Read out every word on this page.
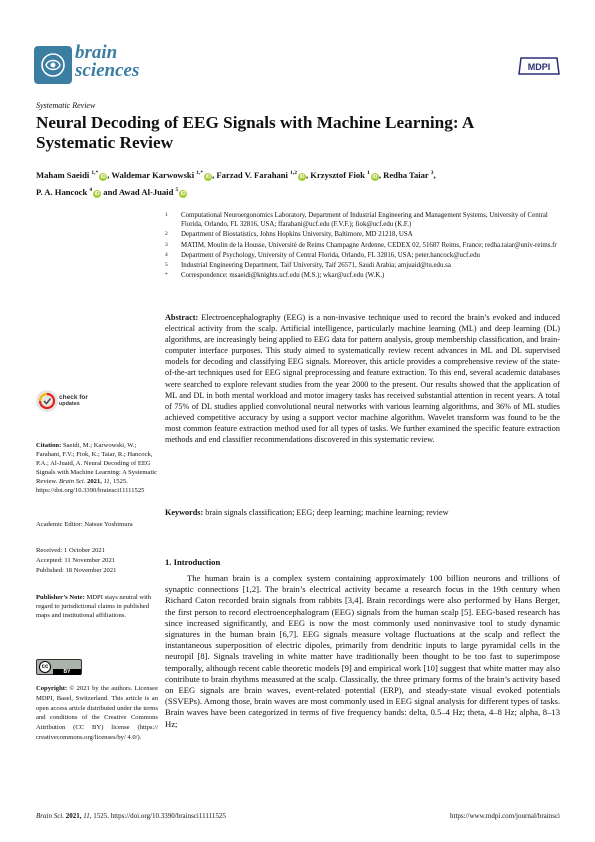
brain
sciences	MDPI
Systematic Review
Neural Decoding of EEG Signals with Machine Learning: A Systematic Review
Maham Saeidi $^{1,*}$iD , Waldemar Karwowski $^{1,*}$iD , Farzad V. Farahani $^{1,2}$iD , Krzysztof Fiok $^1$iD , Redha Taiar $^3$,
P. A. Hancock $^4$iD and Awad Al-Juaid $^5$iD
1 Computational Neuroergonomics Laboratory, Department of Industrial Engineering and Management Systems, University of Central Florida, Orlando, FL 32816, USA; ffarahani@ucf.edu (F.V.F.); fiok@ucf.edu (K.F.)
2 Department of Biostatistics, Johns Hopkins University, Baltimore, MD 21218, USA
3 MATIM, Moulin de la Housse, Université de Reims Champagne Ardenne, CEDEX 02, 51687 Reims, France; redha.taiar@univ-reims.fr
4 Department of Psychology, University of Central Florida, Orlando, FL 32816, USA; peter.hancock@ucf.edu
5 Industrial Engineering Department, Taif University, Taif 26571, Saudi Arabia; amjuaid@tu.edu.sa
* Correspondence: msaeidi@knights.ucf.edu (M.S.); wkar@ucf.edu (W.K.)
Abstract: Electroencephalography (EEG) is a non-invasive technique used to record the brain’s evoked and induced electrical activity from the scalp. Artificial intelligence, particularly machine learning (ML) and deep learning (DL) algorithms, are increasingly being applied to EEG data for pattern analysis, group membership classification, and brain-computer interface purposes. This study aimed to systematically review recent advances in ML and DL supervised models for decoding and classifying EEG signals. Moreover, this article provides a comprehensive review of the state-of-the-art techniques used for EEG signal preprocessing and feature extraction. To this end, several academic databases were searched to explore relevant studies from the year 2000 to the present. Our results showed that the application of ML and DL in both mental workload and motor imagery tasks has received substantial attention in recent years. A total of 75% of DL studies applied convolutional neural networks with various learning algorithms, and 36% of ML studies achieved competitive accuracy by using a support vector machine algorithm. Wavelet transform was found to be the most common feature extraction method used for all types of tasks. We further examined the specific feature extraction methods and end classifier recommendations discovered in this systematic review.
Keywords: brain signals classification; EEG; deep learning; machine learning; review
check for
updates
Citation: Saeidi, M.; Karwowski, W.; Farahani, F.V.; Fiok, K.; Taiar, R.; Hancock, P.A.; Al-Juaid, A. Neural Decoding of EEG Signals with Machine Learning: A Systematic Review. Brain Sci. 2021, 11, 1525. https://doi.org/10.3390/brainsci11111525
Academic Editor: Natsue Yoshimura
Received: 1 October 2021
Accepted: 11 November 2021
Published: 18 November 2021
Publisher’s Note: MDPI stays neutral with regard to jurisdictional claims in published maps and institutional affiliations.
cc
BY
Copyright: © 2021 by the authors. Licensee MDPI, Basel, Switzerland. This article is an open access article distributed under the terms and conditions of the Creative Commons Attribution (CC BY) license (https:// creativecommons.org/licenses/by/ 4.0/).
1. Introduction
The human brain is a complex system containing approximately 100 billion neurons and trillions of synaptic connections [1,2]. The brain’s electrical activity became a research focus in the 19th century when Richard Caton recorded brain signals from rabbits [3,4]. Brain recordings were also performed by Hans Berger, the first person to record electroencephalogram (EEG) signals from the human scalp [5]. EEG-based research has since increased significantly, and EEG is now the most commonly used noninvasive tool to study dynamic signatures in the human brain [6,7]. EEG signals measure voltage fluctuations at the scalp and reflect the instantaneous superposition of electric dipoles, primarily from dendritic inputs to large pyramidal cells in the neuropil [8]. Signals traveling in white matter have traditionally been thought to be too fast to superimpose temporally, although recent cable theoretic models [9] and empirical work [10] suggest that white matter may also contribute to brain rhythms measured at the scalp. Classically, the three primary forms of the brain’s activity based on EEG signals are brain waves, event-related potential (ERP), and steady-state visual evoked potentials (SSVEPs). Among those, brain waves are most commonly used in EEG signal analysis for different types of tasks. Brain waves have been categorized in terms of five frequency bands: delta, 0.5–4 Hz; theta, 4–8 Hz; alpha, 8–13 Hz;
Brain Sci. 2021, 11, 1525. https://doi.org/10.3390/brainsci11111525	https://www.mdpi.com/journal/brainsci
